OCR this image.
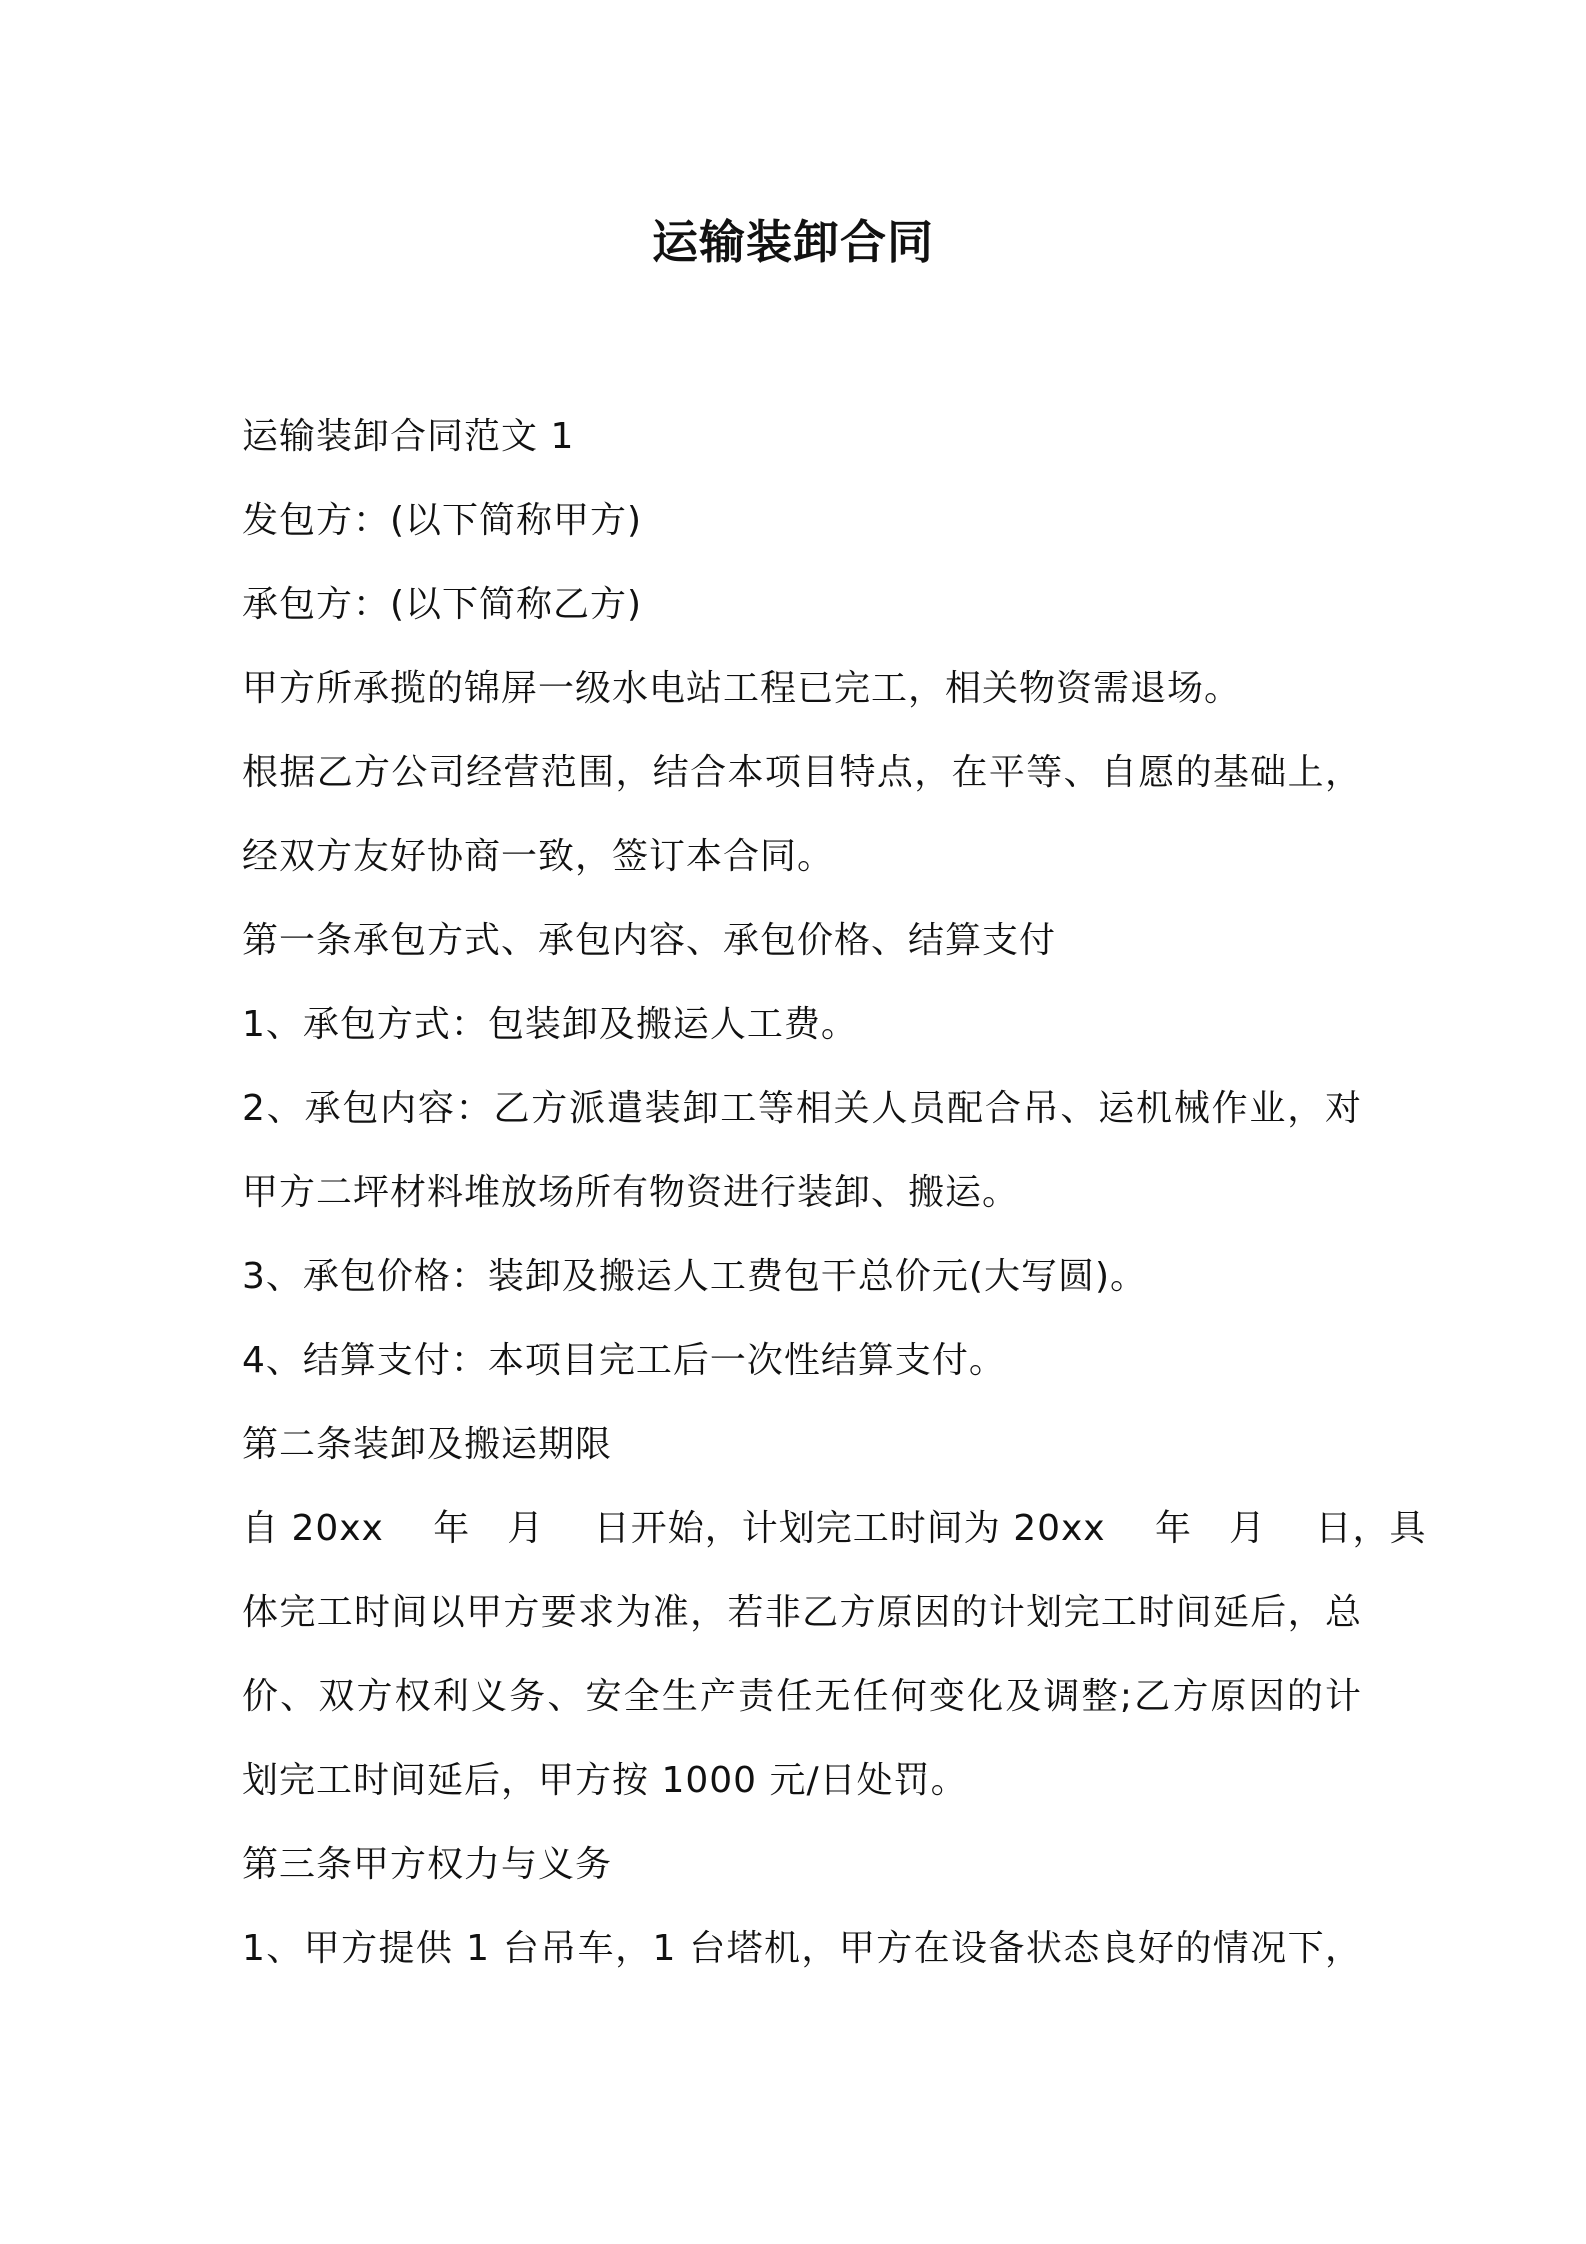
运输装卸合同
运输装卸合同范文 1
发包方：(以下简称甲方)
承包方：(以下简称乙方)
甲方所承揽的锦屏一级水电站工程已完工，相关物资需退场。
根据乙方公司经营范围，结合本项目特点，在平等、自愿的基础上，
经双方友好协商一致，签订本合同。
第一条承包方式、承包内容、承包价格、结算支付
1、承包方式：包装卸及搬运人工费。
2、承包内容：乙方派遣装卸工等相关人员配合吊、运机械作业，对
甲方二坪材料堆放场所有物资进行装卸、搬运。
3、承包价格：装卸及搬运人工费包干总价元(大写圆)。
4、结算支付：本项目完工后一次性结算支付。
第二条装卸及搬运期限
自 20xx　 年　月　 日开始，计划完工时间为 20xx　 年　月　 日，具
体完工时间以甲方要求为准，若非乙方原因的计划完工时间延后，总
价、双方权利义务、安全生产责任无任何变化及调整;乙方原因的计
划完工时间延后，甲方按 1000 元/日处罚。
第三条甲方权力与义务
1、甲方提供 1 台吊车，1 台塔机，甲方在设备状态良好的情况下，
